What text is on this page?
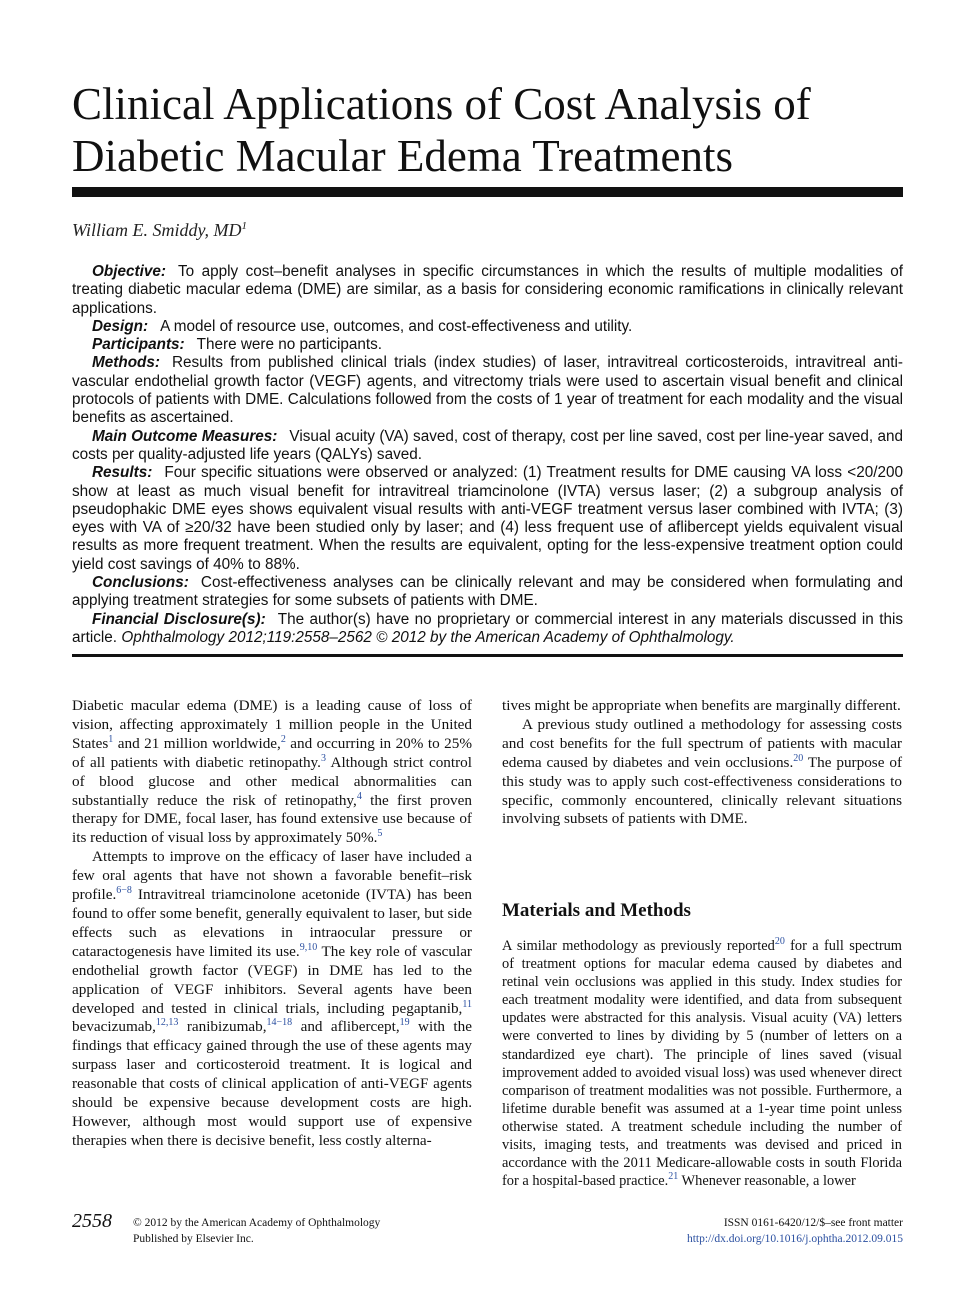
Clinical Applications of Cost Analysis of
Diabetic Macular Edema Treatments
William E. Smiddy, $MD^1$

Objective: To apply cost–benefit analyses in specific circumstances in which the results of multiple modalities of treating diabetic macular edema (DME) are similar, as a basis for considering economic ramifications in clinically relevant applications.

Design: A model of resource use, outcomes, and cost-effectiveness and utility.

Participants: There were no participants.

Methods: Results from published clinical trials (index studies) of laser, intravitreal corticosteroids, intravitreal anti-vascular endothelial growth factor (VEGF) agents, and vitrectomy trials were used to ascertain visual benefit and clinical protocols of patients with DME. Calculations followed from the costs of 1 year of treatment for each modality and the visual benefits as ascertained.

Main Outcome Measures: Visual acuity (VA) saved, cost of therapy, cost per line saved, cost per line-year saved, and costs per quality-adjusted life years (QALYs) saved.

Results: Four specific situations were observed or analyzed: (1) Treatment results for DME causing VA loss <20/200 show at least as much visual benefit for intravitreal triamcinolone (IVTA) versus laser; (2) a subgroup analysis of pseudophakic DME eyes shows equivalent visual results with anti-VEGF treatment versus laser combined with IVTA; (3) eyes with VA of ≥20/32 have been studied only by laser; and (4) less frequent use of aflibercept yields equivalent visual results as more frequent treatment. When the results are equivalent, opting for the less-expensive treatment option could yield cost savings of 40% to 88%.

Conclusions: Cost-effectiveness analyses can be clinically relevant and may be considered when formulating and applying treatment strategies for some subsets of patients with DME.

Financial Disclosure(s): The author(s) have no proprietary or commercial interest in any materials discussed in this article. Ophthalmology 2012;119:2558–2562 © 2012 by the American Academy of Ophthalmology.

Diabetic macular edema (DME) is a leading cause of loss of vision, affecting approximately 1 million people in the United States$^1$ and 21 million worldwide,$^2$ and occurring in 20% to 25% of all patients with diabetic retinopathy.$^3$ Although strict control of blood glucose and other medical abnormalities can substantially reduce the risk of retinopathy,$^4$ the first proven therapy for DME, focal laser, has found extensive use because of its reduction of visual loss by approximately 50%.$^5$

Attempts to improve on the efficacy of laser have included a few oral agents that have not shown a favorable benefit–risk profile.$^{6-8}$ Intravitreal triamcinolone acetonide (IVTA) has been found to offer some benefit, generally equivalent to laser, but side effects such as elevations in intraocular pressure or cataractogenesis have limited its use.$^{9,10}$ The key role of vascular endothelial growth factor (VEGF) in DME has led to the application of VEGF inhibitors. Several agents have been developed and tested in clinical trials, including pegaptanib,$^{11}$ bevacizumab,$^{12,13}$ ranibizumab,$^{14-18}$ and aflibercept,$^{19}$ with the findings that efficacy gained through the use of these agents may surpass laser and corticosteroid treatment. It is logical and reasonable that costs of clinical application of anti-VEGF agents should be expensive because development costs are high. However, although most would support use of expensive therapies when there is decisive benefit, less costly alterna-

tives might be appropriate when benefits are marginally different.

A previous study outlined a methodology for assessing costs and cost benefits for the full spectrum of patients with macular edema caused by diabetes and vein occlusions.$^{20}$ The purpose of this study was to apply such cost-effectiveness considerations to specific, commonly encountered, clinically relevant situations involving subsets of patients with DME.

Materials and Methods

A similar methodology as previously reported$^{20}$ for a full spectrum of treatment options for macular edema caused by diabetes and retinal vein occlusions was applied in this study. Index studies for each treatment modality were identified, and data from subsequent updates were abstracted for this analysis. Visual acuity (VA) letters were converted to lines by dividing by 5 (number of letters on a standardized eye chart). The principle of lines saved (visual improvement added to avoided visual loss) was used whenever direct comparison of treatment modalities was not possible. Furthermore, a lifetime durable benefit was assumed at a 1-year time point unless otherwise stated. A treatment schedule including the number of visits, imaging tests, and treatments was devised and priced in accordance with the 2011 Medicare-allowable costs in south Florida for a hospital-based practice.$^{21}$ Whenever reasonable, a lower

2558 © 2012 by the American Academy of Ophthalmology
Published by Elsevier Inc.
ISSN 0161-6420/12/$–see front matter
http://dx.doi.org/10.1016/j.ophtha.2012.09.015
